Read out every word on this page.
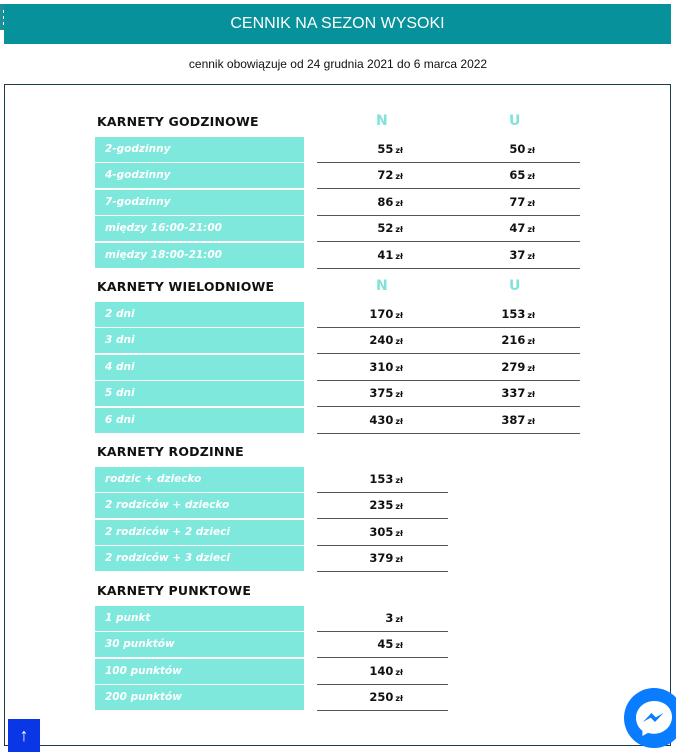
CENNIK NA SEZON WYSOKI
cennik obowiązuje od 24 grudnia 2021 do 6 marca 2022
KARNETY GODZINOWE	N	U
2-godzinny	55 zł	50 zł
4-godzinny	72 zł	65 zł
7-godzinny	86 zł	77 zł
między 16:00-21:00	52 zł	47 zł
między 18:00-21:00	41 zł	37 zł
KARNETY WIELODNIOWE	N	U
2 dni	170 zł	153 zł
3 dni	240 zł	216 zł
4 dni	310 zł	279 zł
5 dni	375 zł	337 zł
6 dni	430 zł	387 zł
KARNETY RODZINNE
rodzic + dziecko	153 zł
2 rodziców + dziecko	235 zł
2 rodziców + 2 dzieci	305 zł
2 rodziców + 3 dzieci	379 zł
KARNETY PUNKTOWE
1 punkt	3 zł
30 punktów	45 zł
100 punktów	140 zł
200 punktów	250 zł
↑
